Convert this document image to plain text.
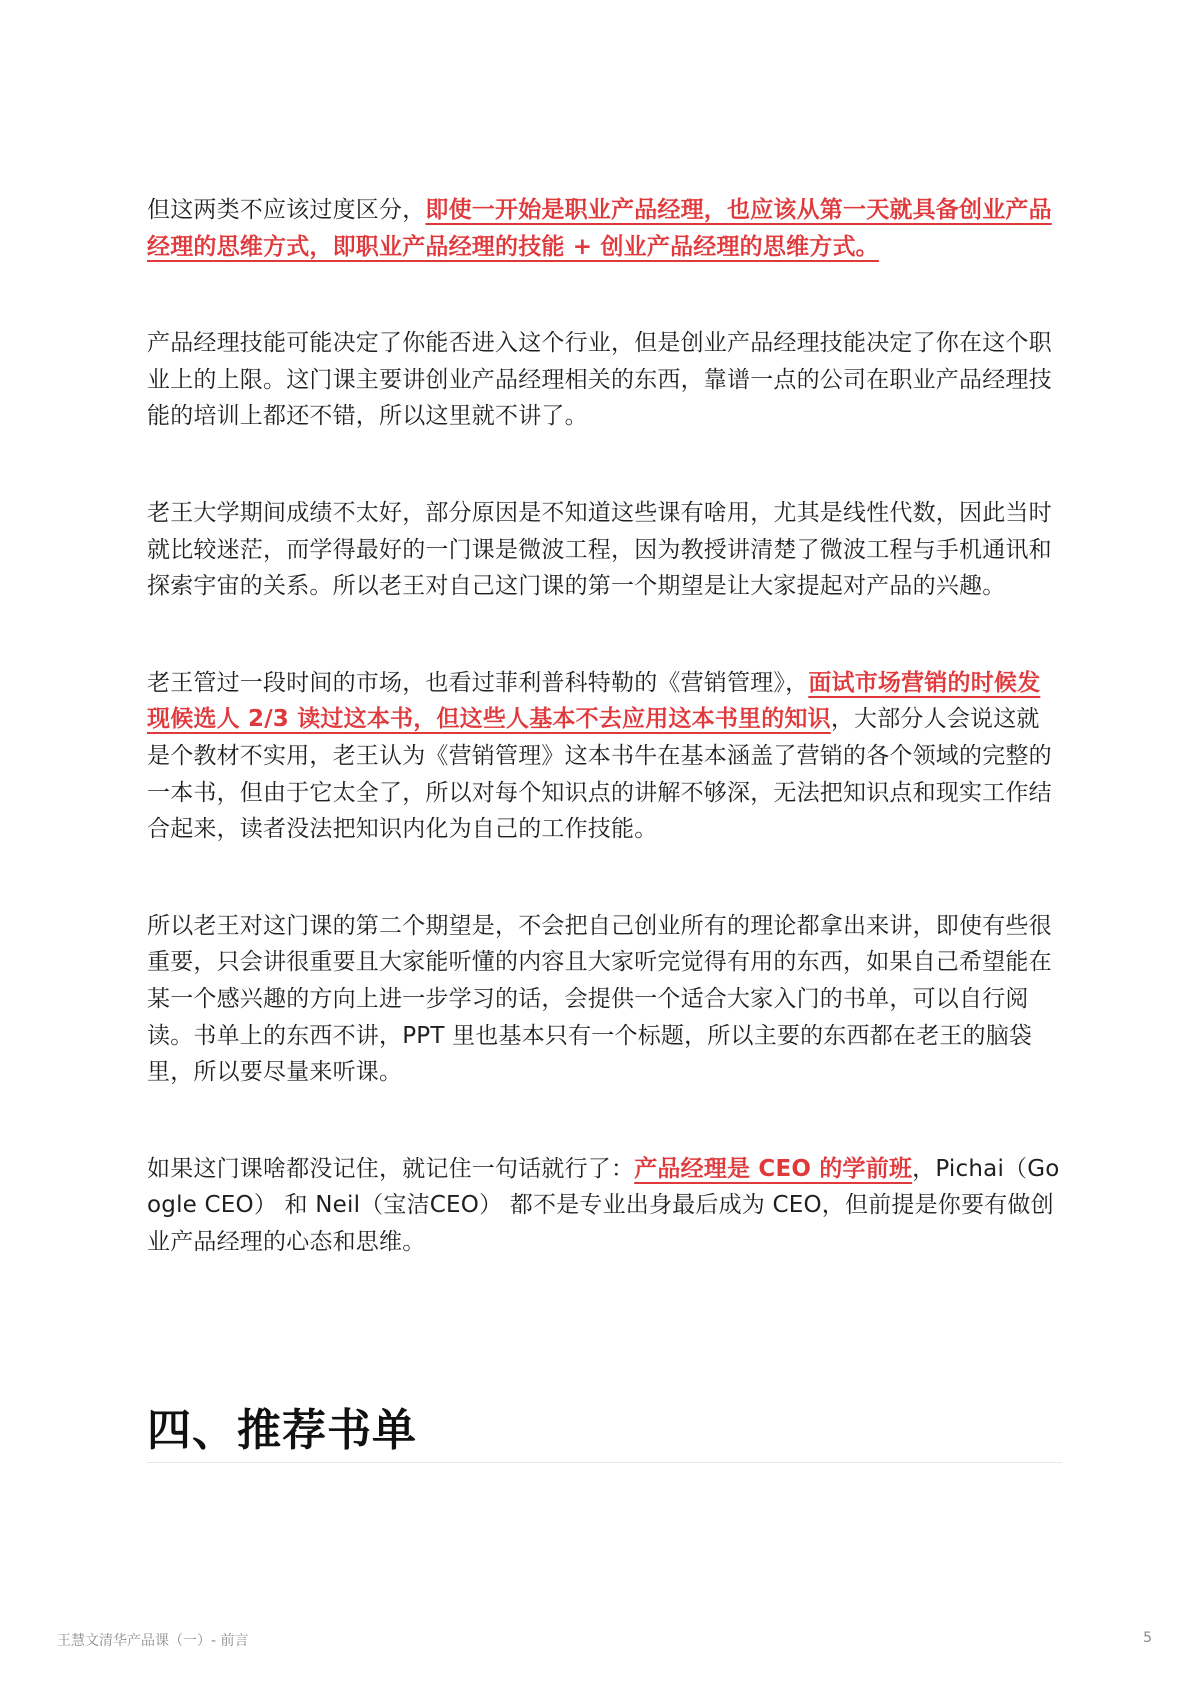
但这两类不应该过度区分，即使一开始是职业产品经理，也应该从第一天就具备创业产品经理的思维方式，即职业产品经理的技能 + 创业产品经理的思维方式。

产品经理技能可能决定了你能否进入这个行业，但是创业产品经理技能决定了你在这个职业上的上限。这门课主要讲创业产品经理相关的东西，靠谱一点的公司在职业产品经理技能的培训上都还不错，所以这里就不讲了。

老王大学期间成绩不太好，部分原因是不知道这些课有啥用，尤其是线性代数，因此当时就比较迷茫，而学得最好的一门课是微波工程，因为教授讲清楚了微波工程与手机通讯和探索宇宙的关系。所以老王对自己这门课的第一个期望是让大家提起对产品的兴趣。

老王管过一段时间的市场，也看过菲利普科特勒的《营销管理》，面试市场营销的时候发现候选人 2/3 读过这本书，但这些人基本不去应用这本书里的知识，大部分人会说这就是个教材不实用，老王认为《营销管理》这本书牛在基本涵盖了营销的各个领域的完整的一本书，但由于它太全了，所以对每个知识点的讲解不够深，无法把知识点和现实工作结合起来，读者没法把知识内化为自己的工作技能。

所以老王对这门课的第二个期望是，不会把自己创业所有的理论都拿出来讲，即使有些很重要，只会讲很重要且大家能听懂的内容且大家听完觉得有用的东西，如果自己希望能在某一个感兴趣的方向上进一步学习的话，会提供一个适合大家入门的书单，可以自行阅读。书单上的东西不讲，PPT 里也基本只有一个标题，所以主要的东西都在老王的脑袋里，所以要尽量来听课。

如果这门课啥都没记住，就记住一句话就行了：产品经理是 CEO 的学前班，Pichai（Google CEO） 和 Neil（宝洁CEO） 都不是专业出身最后成为 CEO，但前提是你要有做创业产品经理的心态和思维。

四、推荐书单
王慧文清华产品课（一）- 前言	5
